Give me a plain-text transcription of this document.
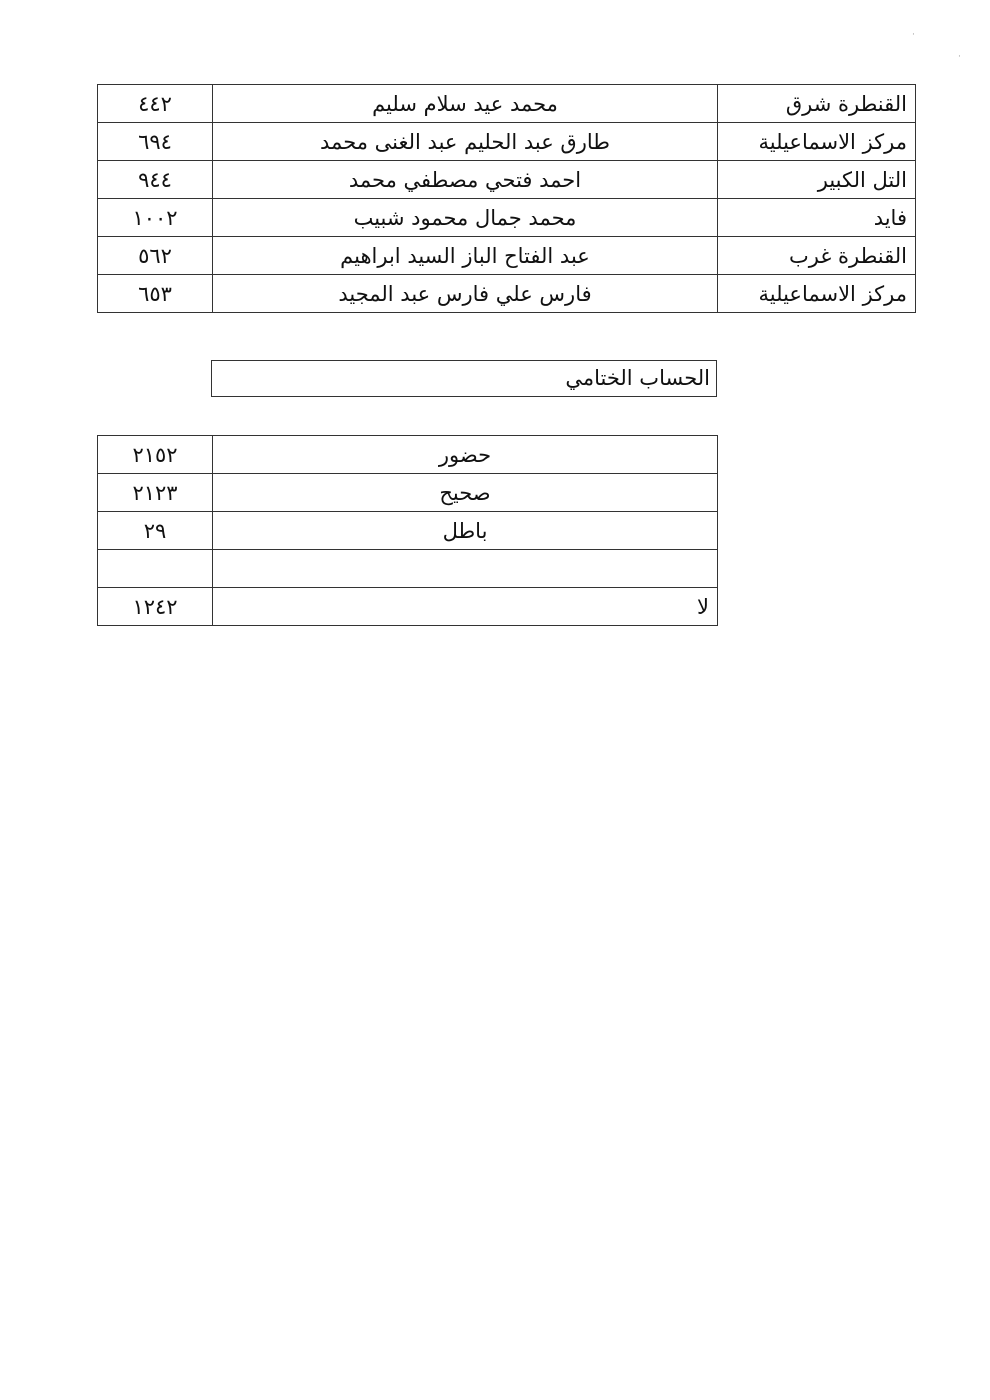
·
·
القنطرة شرق	محمد عيد سلام سليم	٤٤٢
مركز الاسماعيلية	طارق عبد الحليم عبد الغنى محمد	٦٩٤
التل الكبير	احمد فتحي مصطفي محمد	٩٤٤
فايد	محمد جمال محمود شبيب	١٠٠٢
القنطرة غرب	عبد الفتاح الباز السيد ابراهيم	٥٦٢
مركز الاسماعيلية	فارس علي فارس عبد المجيد	٦٥٣
الحساب الختامي
حضور	٢١٥٢
صحيح	٢١٢٣
باطل	٢٩

لا	١٢٤٢
